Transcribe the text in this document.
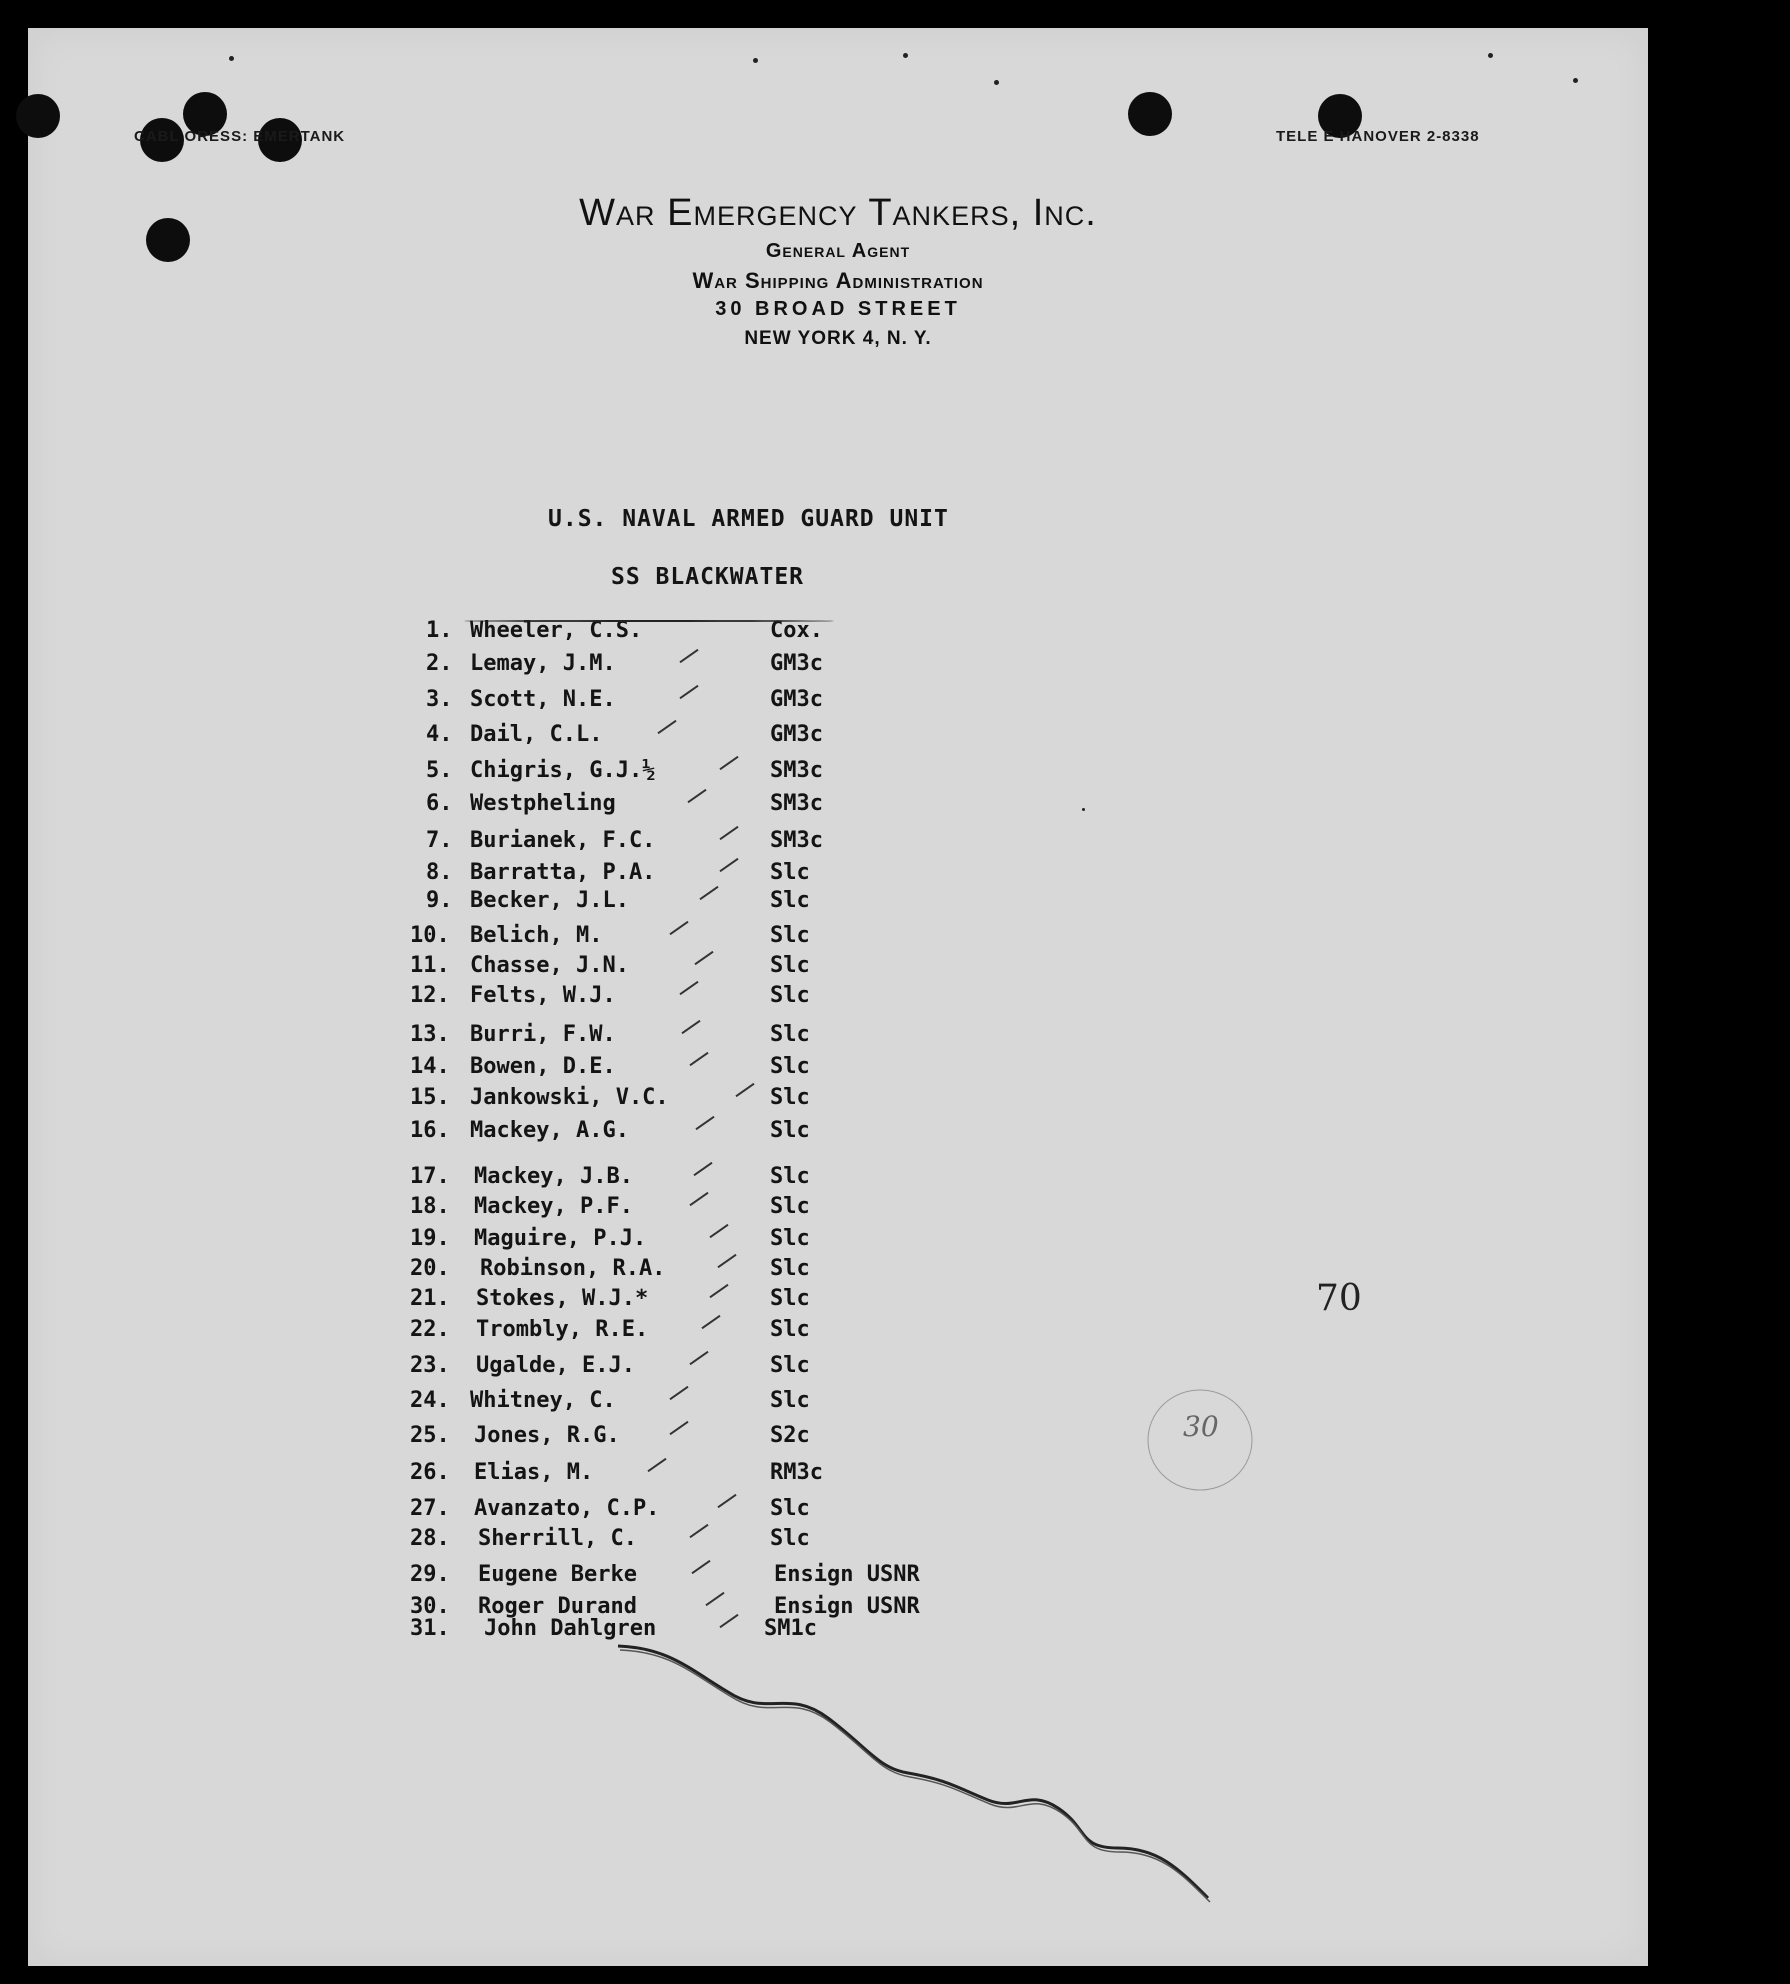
CABL ORESS: EMERTANK	TELE E HANOVER 2-8338
War Emergency Tankers, Inc.
General Agent
War Shipping Administration
30 BROAD STREET
NEW YORK 4, N. Y.
U.S. NAVAL ARMED GUARD UNIT
SS BLACKWATER
1. Wheeler, C.S.	Cox.
2. Lemay, J.M.	GM3c
3. Scott, N.E.	GM3c
4. Dail, C.L.	GM3c
5. Chigris, G.J.½	SM3c
6. Westpheling	SM3c
7. Burianek, F.C.	SM3c
8. Barratta, P.A.	Slc
9. Becker, J.L.	Slc
10. Belich, M.	Slc
11. Chasse, J.N.	Slc
12. Felts, W.J.	Slc
13. Burri, F.W.	Slc
14. Bowen, D.E.	Slc
15. Jankowski, V.C.	Slc
16. Mackey, A.G.	Slc
17. Mackey, J.B.	Slc
18. Mackey, P.F.	Slc
19. Maguire, P.J.	Slc
20. Robinson, R.A.	Slc
21. Stokes, W.J.*	Slc
22. Trombly, R.E.	Slc
23. Ugalde, E.J.	Slc
24. Whitney, C.	Slc
25. Jones, R.G.	S2c
26. Elias, M.	RM3c
27. Avanzato, C.P.	Slc
28. Sherrill, C.	Slc
29. Eugene Berke	Ensign USNR
30. Roger Durand	Ensign USNR
31. John Dahlgren	SM1c
70
30
